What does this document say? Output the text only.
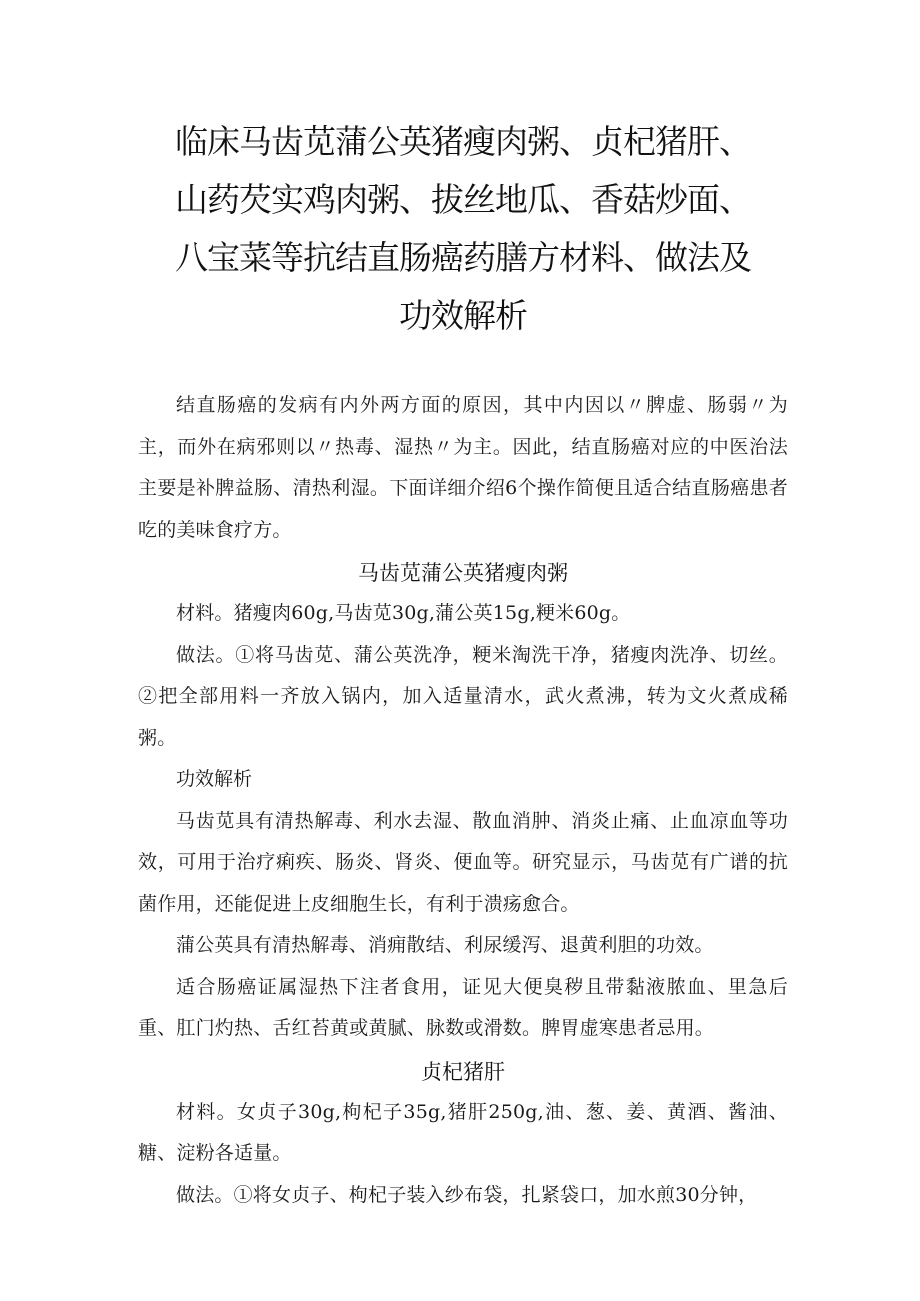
临床马齿苋蒲公英猪瘦肉粥、贞杞猪肝、山药芡实鸡肉粥、拔丝地瓜、香菇炒面、八宝菜等抗结直肠癌药膳方材料、做法及功效解析

结直肠癌的发病有内外两方面的原因，其中内因以〃脾虚、肠弱〃为主，而外在病邪则以〃热毒、湿热〃为主。因此，结直肠癌对应的中医治法主要是补脾益肠、清热利湿。下面详细介绍6个操作简便且适合结直肠癌患者吃的美味食疗方。

马齿苋蒲公英猪瘦肉粥

材料。猪瘦肉60g,马齿苋30g,蒲公英15g,粳米60g。

做法。①将马齿苋、蒲公英洗净，粳米淘洗干净，猪瘦肉洗净、切丝。②把全部用料一齐放入锅内，加入适量清水，武火煮沸，转为文火煮成稀粥。

功效解析

马齿苋具有清热解毒、利水去湿、散血消肿、消炎止痛、止血凉血等功效，可用于治疗痢疾、肠炎、肾炎、便血等。研究显示，马齿苋有广谱的抗菌作用，还能促进上皮细胞生长，有利于溃疡愈合。

蒲公英具有清热解毒、消痈散结、利尿缓泻、退黄利胆的功效。

适合肠癌证属湿热下注者食用，证见大便臭秽且带黏液脓血、里急后重、肛门灼热、舌红苔黄或黄腻、脉数或滑数。脾胃虚寒患者忌用。

贞杞猪肝

材料。女贞子30g,枸杞子35g,猪肝250g,油、葱、姜、黄酒、酱油、糖、淀粉各适量。

做法。①将女贞子、枸杞子装入纱布袋，扎紧袋口，加水煎30分钟，
